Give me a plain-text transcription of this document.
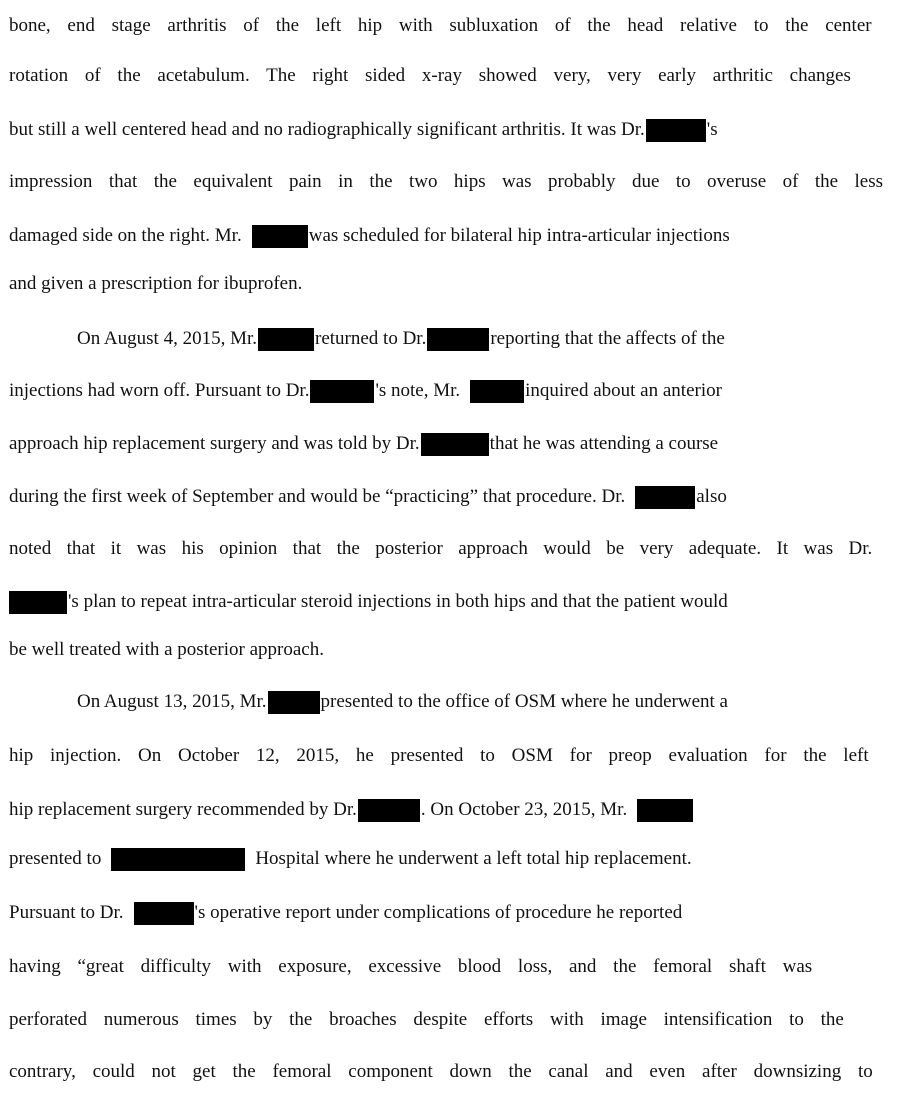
bone, end stage arthritis of the left hip with subluxation of the head relative to the center
rotation of the acetabulum. The right sided x-ray showed very, very early arthritic changes
but still a well centered head and no radiographically significant arthritis. It was Dr.	's
impression that the equivalent pain in the two hips was probably due to overuse of the less
damaged side on the right. Mr.	was scheduled for bilateral hip intra-articular injections
and given a prescription for ibuprofen.
On August 4, 2015, Mr.	returned to Dr.	reporting that the affects of the
injections had worn off. Pursuant to Dr.	's note, Mr.	inquired about an anterior
approach hip replacement surgery and was told by Dr.	that he was attending a course
during the first week of September and would be “practicing” that procedure. Dr.	also
noted that it was his opinion that the posterior approach would be very adequate. It was Dr.
's plan to repeat intra-articular steroid injections in both hips and that the patient would
be well treated with a posterior approach.
On August 13, 2015, Mr.	presented to the office of OSM where he underwent a
hip injection. On October 12, 2015, he presented to OSM for preop evaluation for the left
hip replacement surgery recommended by Dr.	. On October 23, 2015, Mr.
presented to	Hospital where he underwent a left total hip replacement.
Pursuant to Dr.	's operative report under complications of procedure he reported
having “great difficulty with exposure, excessive blood loss, and the femoral shaft was
perforated numerous times by the broaches despite efforts with image intensification to the
contrary, could not get the femoral component down the canal and even after downsizing to
